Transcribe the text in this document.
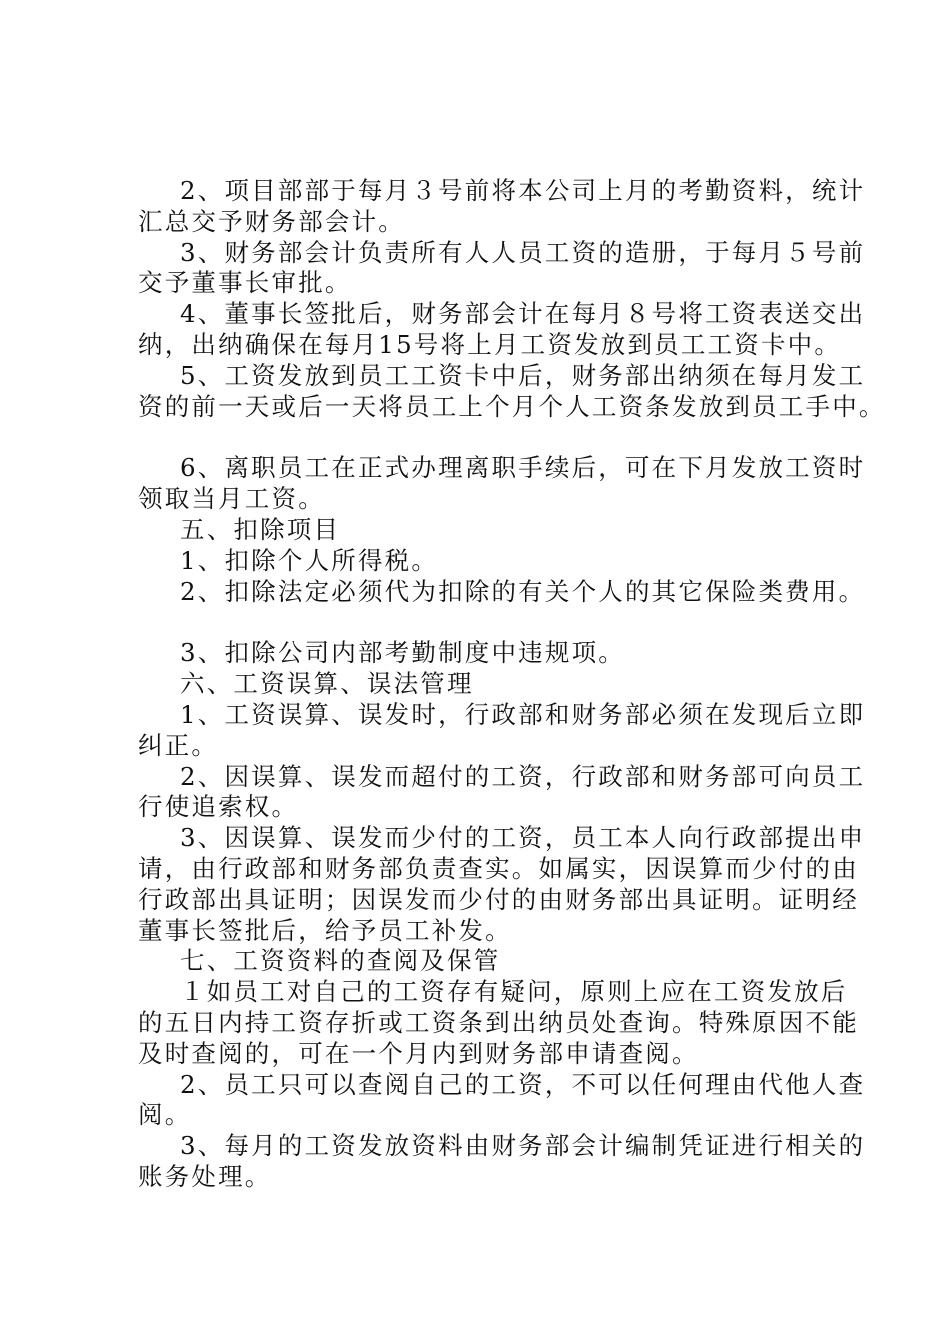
2、项目部部于每月３号前将本公司上月的考勤资料，统计
汇总交予财务部会计。
3、财务部会计负责所有人人员工资的造册，于每月５号前
交予董事长审批。
4、董事长签批后，财务部会计在每月８号将工资表送交出
纳，出纳确保在每月15号将上月工资发放到员工工资卡中。
5、工资发放到员工工资卡中后，财务部出纳须在每月发工
资的前一天或后一天将员工上个月个人工资条发放到员工手中。
6、离职员工在正式办理离职手续后，可在下月发放工资时
领取当月工资。
五、扣除项目
1、扣除个人所得税。
2、扣除法定必须代为扣除的有关个人的其它保险类费用。
3、扣除公司内部考勤制度中违规项。
六、工资误算、误法管理
1、工资误算、误发时，行政部和财务部必须在发现后立即
纠正。
2、因误算、误发而超付的工资，行政部和财务部可向员工
行使追索权。
3、因误算、误发而少付的工资，员工本人向行政部提出申
请，由行政部和财务部负责查实。如属实，因误算而少付的由
行政部出具证明；因误发而少付的由财务部出具证明。证明经
董事长签批后，给予员工补发。
七、工资资料的查阅及保管
１如员工对自己的工资存有疑问，原则上应在工资发放后
的五日内持工资存折或工资条到出纳员处查询。特殊原因不能
及时查阅的，可在一个月内到财务部申请查阅。
2、员工只可以查阅自己的工资，不可以任何理由代他人查
阅。
3、每月的工资发放资料由财务部会计编制凭证进行相关的
账务处理。
